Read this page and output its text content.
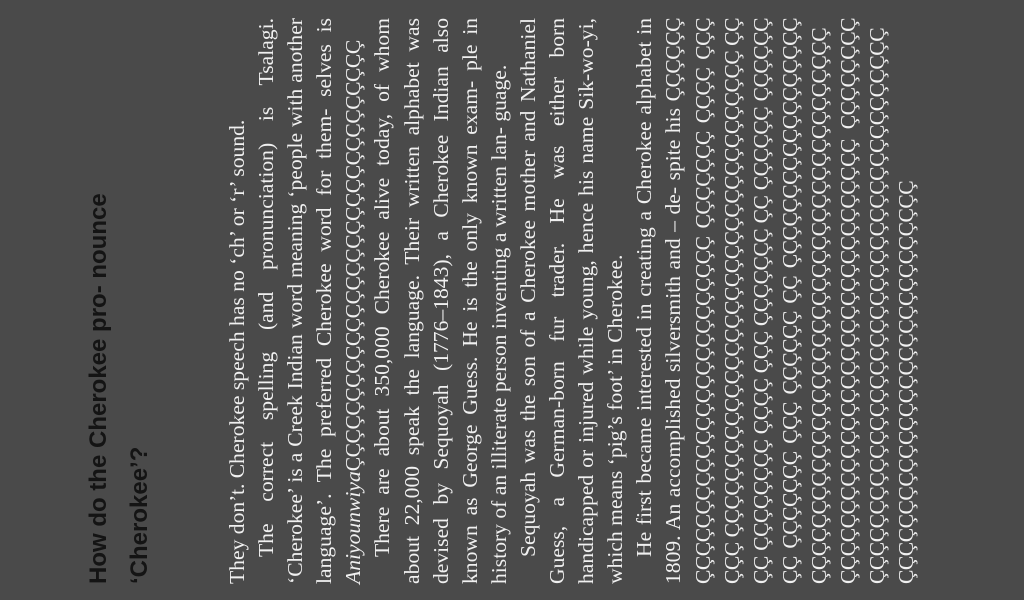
How do the Cherokee pro- nounce ‘Cherokee’?	They don’t. Cherokee speech has no ‘ch’ or ‘r’ sound. The correct spelling (and pronunciation) is Tsalagi. ‘Cherokee’ is a Creek Indian word meaning ‘people with another language’. The preferred Cherokee word for them- selves is AniyounwiyaÇÇÇÇÇÇÇÇÇÇÇÇÇÇÇÇÇÇÇÇÇÇÇÇÇÇÇÇÇÇÇ There are about 350,000 Cherokee alive today, of whom about 22,000 speak the language. Their written alphabet was devised by Sequoyah (1776–1843), a Cherokee Indian also known as George Guess. He is the only known exam- ple in history of an illiterate person inventing a written lan- guage. Sequoyah was the son of a Cherokee mother and Nathaniel Guess, a German-born fur trader. He was either born handicapped or injured while young, hence his name Sik-wo-yi, which means ‘pig’s foot’ in Cherokee. He first became interested in creating a Cherokee alphabet in 1809. An accomplished silversmith and – de- spite his ÇÇÇÇÇÇÇÇÇÇÇÇÇÇÇÇÇÇÇÇÇÇÇÇÇÇÇÇÇÇÇ ÇÇÇÇÇÇÇ ÇÇÇÇ ÇÇÇ ÇÇÇ ÇÇÇÇÇÇÇÇÇÇÇÇÇÇÇÇÇÇÇÇÇÇÇÇÇÇÇÇÇÇÇÇÇÇÇ ÇÇÇÇ ÇÇÇÇÇÇÇÇ ÇÇÇÇ ÇÇÇ ÇÇÇÇÇÇÇ ÇÇ ÇÇÇÇÇÇ ÇÇÇÇÇÇÇÇ ÇÇÇÇÇÇÇ ÇÇÇ ÇÇÇÇÇÇ ÇÇ ÇÇÇÇÇÇÇÇÇÇÇÇÇÇÇÇÇÇÇÇÇÇÇÇÇÇÇÇÇÇÇÇÇÇÇÇÇÇÇÇÇÇÇÇÇÇÇÇÇÇÇÇÇÇÇÇÇÇÇÇÇÇÇÇÇÇÇÇÇÇÇÇÇÇÇÇÇÇÇÇÇÇÇÇÇÇÇÇÇÇ ÇÇÇÇÇÇÇÇÇÇÇÇÇÇÇÇÇÇÇÇÇÇÇÇÇÇÇÇÇÇÇÇÇÇÇÇÇÇÇÇÇÇÇÇÇÇÇÇÇÇÇÇÇÇÇÇÇÇÇÇÇÇÇÇÇÇÇÇÇÇÇÇÇÇÇÇÇ
